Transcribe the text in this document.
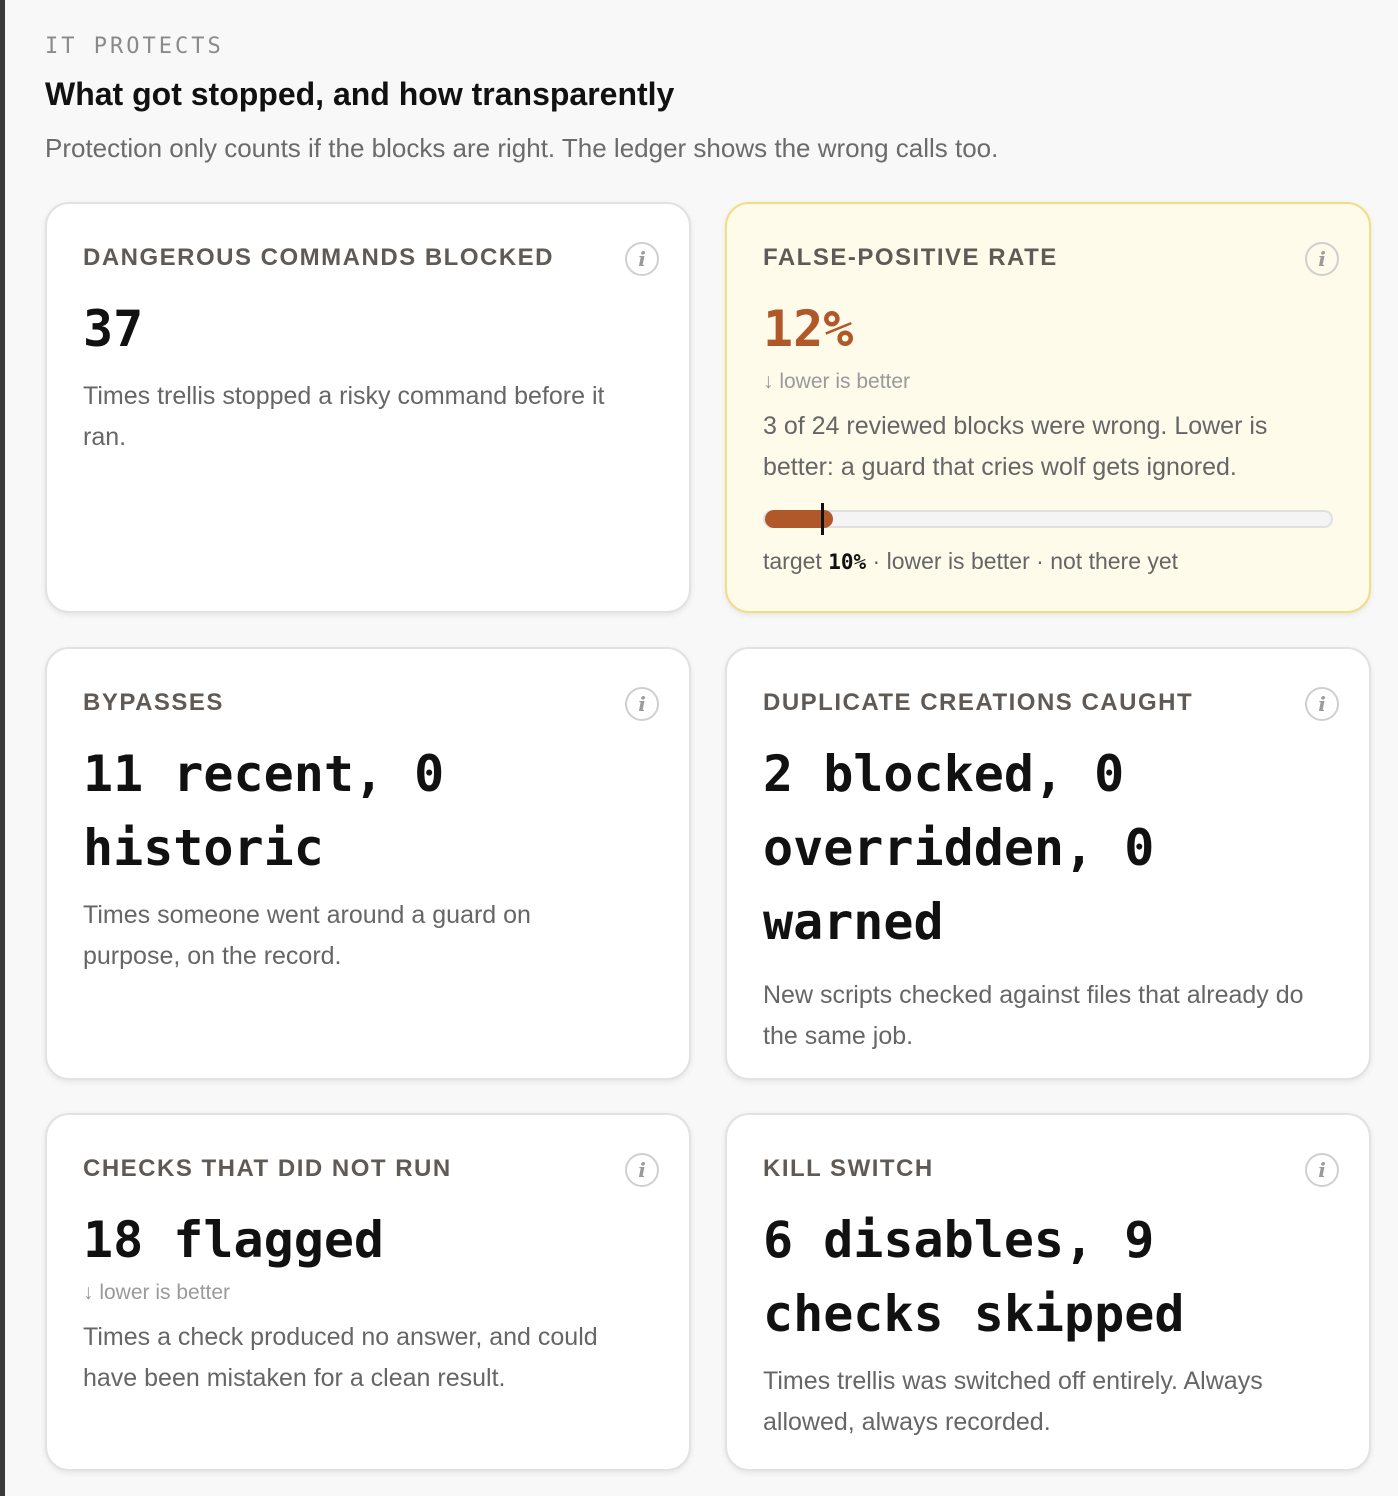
IT PROTECTS
What got stopped, and how transparently
Protection only counts if the blocks are right. The ledger shows the wrong calls too.
DANGEROUS COMMANDS BLOCKED	i
37
Times trellis stopped a risky command before it ran.
FALSE-POSITIVE RATE	i
12%
↓ lower is better
3 of 24 reviewed blocks were wrong. Lower is better: a guard that cries wolf gets ignored.
target 10% · lower is better · not there yet
BYPASSES	i
11 recent, 0 historic
Times someone went around a guard on purpose, on the record.
DUPLICATE CREATIONS CAUGHT	i
2 blocked, 0 overridden, 0 warned
New scripts checked against files that already do the same job.
CHECKS THAT DID NOT RUN	i
18 flagged
↓ lower is better
Times a check produced no answer, and could have been mistaken for a clean result.
KILL SWITCH	i
6 disables, 9 checks skipped
Times trellis was switched off entirely. Always allowed, always recorded.
